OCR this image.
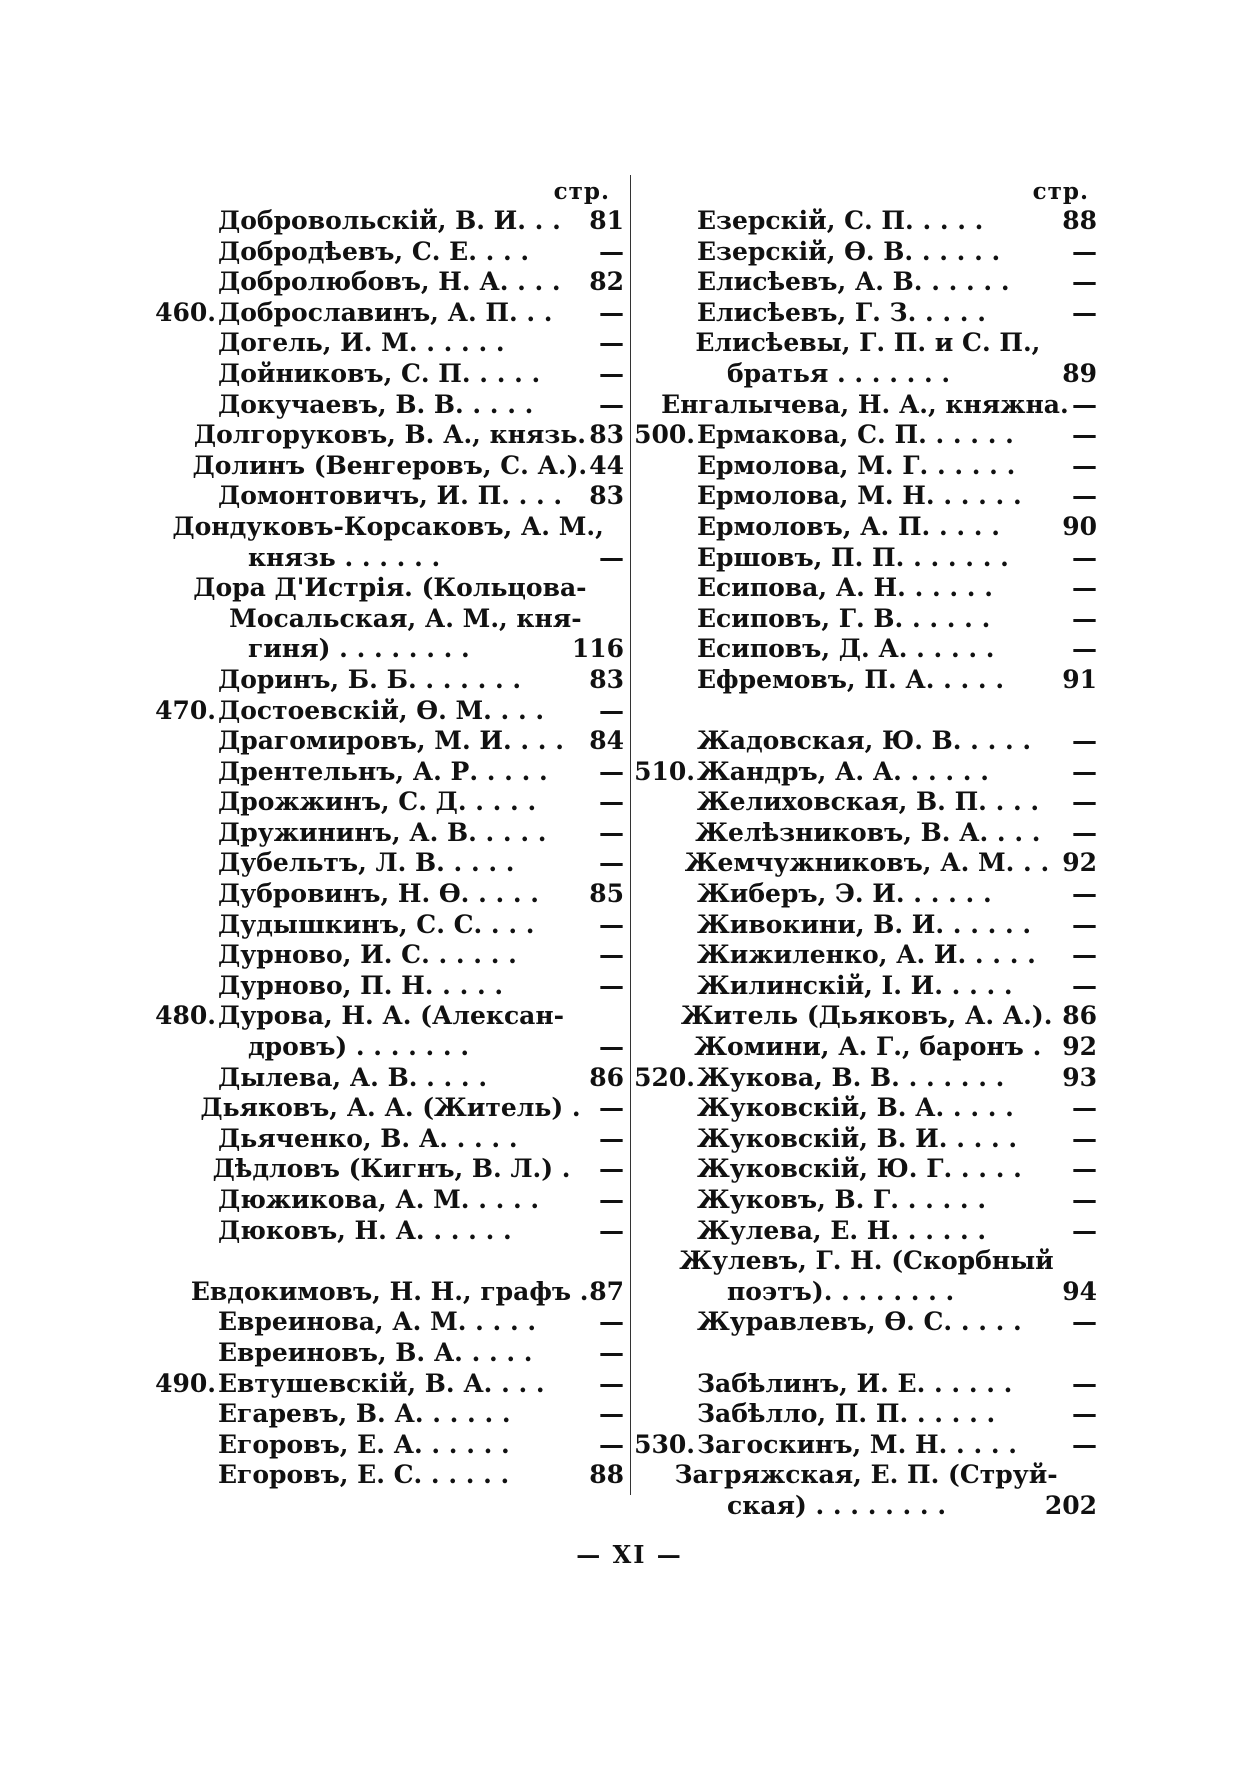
стр.
Добровольскій, В. И. . .	81
Добродѣевъ, С. Е. . . .	—
Добролюбовъ, Н. А. . . .	82
460. Доброславинъ, А. П. . .	—
Догель, И. М. . . . . .	—
Дойниковъ, С. П. . . . .	—
Докучаевъ, В. В. . . . .	—
Долгоруковъ, В. А., князь. 83
Долинъ (Венгеровъ, С. А.). 44
Домонтовичъ, И. П. . . .	83
Дондуковъ-Корсаковъ, А. М.,
князь . . . . . .	—
Дора Д'Истрія. (Кольцова-
Мосальская, А. М., кня-
гиня) . . . . . . . .	116
Доринъ, Б. Б. . . . . . .	83
470. Достоевскій, Ѳ. М. . . .	—
Драгомировъ, М. И. . . .	84
Дрентельнъ, А. Р. . . . .	—
Дрожжинъ, С. Д. . . . .	—
Дружининъ, А. В. . . . .	—
Дубельтъ, Л. В. . . . .	—
Дубровинъ, Н. Ѳ. . . . .	85
Дудышкинъ, С. С. . . .	—
Дурново, И. С. . . . . .	—
Дурново, П. Н. . . . .	—
480. Дурова, Н. А. (Алексан-
дровъ) . . . . . . .	—
Дылева, А. В. . . . .	86
Дьяковъ, А. А. (Житель) . —
Дьяченко, В. А. . . . .	—
Дѣдловъ (Кигнъ, В. Л.) .	—
Дюжикова, А. М. . . . .	—
Дюковъ, Н. А. . . . . .	—
Евдокимовъ, Н. Н., графъ . 87
Евреинова, А. М. . . . .	—
Евреиновъ, В. А. . . . .	—
490. Евтушевскій, В. А. . . .	—
Егаревъ, В. А. . . . . .	—
Егоровъ, Е. А. . . . . .	—
Егоровъ, Е. С. . . . . .	88
стр.
Езерскій, С. П. . . . .	88
Езерскій, Ѳ. В. . . . . .	—
Елисѣевъ, А. В. . . . . .	—
Елисѣевъ, Г. З. . . . .	—
Елисѣевы, Г. П. и С. П.,
братья . . . . . . .	89
Енгалычева, Н. А., княжна. —
500. Ермакова, С. П. . . . . .	—
Ермолова, М. Г. . . . . .	—
Ермолова, М. Н. . . . . .	—
Ермоловъ, А. П. . . . .	90
Ершовъ, П. П. . . . . . .	—
Есипова, А. Н. . . . . .	—
Есиповъ, Г. В. . . . . .	—
Есиповъ, Д. А. . . . . .	—
Ефремовъ, П. А. . . . .	91
Жадовская, Ю. В. . . . .	—
510. Жандръ, А. А. . . . . .	—
Желиховская, В. П. . . .	—
Желѣзниковъ, В. А. . . .	—
Жемчужниковъ, А. М. . . 92
Жиберъ, Э. И. . . . . .	—
Живокини, В. И. . . . . .	—
Жижиленко, А. И. . . . .	—
Жилинскій, І. И. . . . .	—
Житель (Дьяковъ, А. А.). 86
Жомини, А. Г., баронъ . 92
520. Жукова, В. В. . . . . . .	93
Жуковскій, В. А. . . . .	—
Жуковскій, В. И. . . . .	—
Жуковскій, Ю. Г. . . . .	—
Жуковъ, В. Г. . . . . .	—
Жулева, Е. Н. . . . . .	—
Жулевъ, Г. Н. (Скорбный
поэтъ). . . . . . . .	94
Журавлевъ, Ѳ. С. . . . .	—
Забѣлинъ, И. Е. . . . . .	—
Забѣлло, П. П. . . . . .	—
530. Загоскинъ, М. Н. . . . .	—
Загряжская, Е. П. (Струй-
ская) . . . . . . . .	202
— XI —
